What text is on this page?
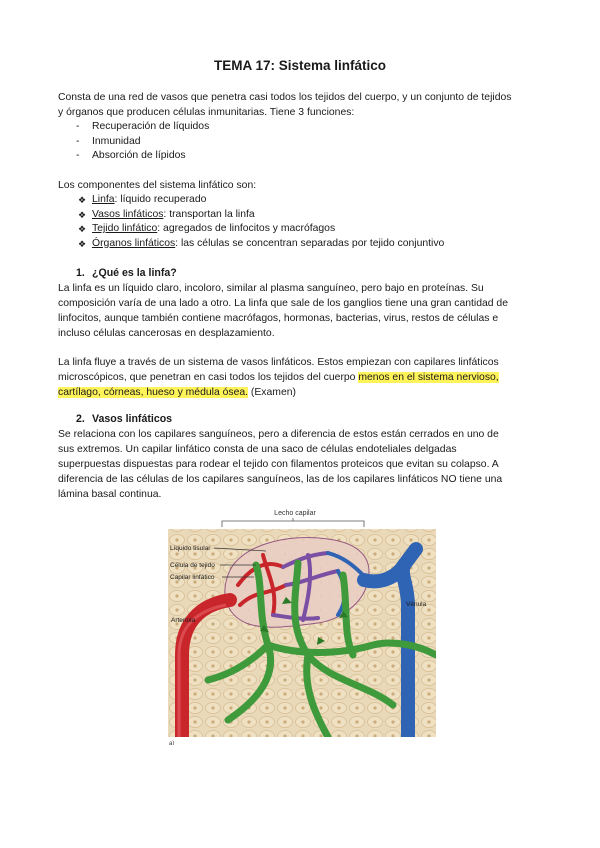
TEMA 17: Sistema linfático

Consta de una red de vasos que penetra casi todos los tejidos del cuerpo, y un conjunto de tejidos
y órganos que producen células inmunitarias. Tiene 3 funciones:

- Recuperación de líquidos
- Inmunidad
- Absorción de lípidos

Los componentes del sistema linfático son:

❖ Linfa: líquido recuperado
❖ Vasos linfáticos: transportan la linfa
❖ Tejido linfático: agregados de linfocitos y macrófagos
❖ Órganos linfáticos: las células se concentran separadas por tejido conjuntivo
1. ¿Qué es la linfa?

La linfa es un líquido claro, incoloro, similar al plasma sanguíneo, pero bajo en proteínas. Su
composición varía de una lado a otro. La linfa que sale de los ganglios tiene una gran cantidad de
linfocitos, aunque también contiene macrófagos, hormonas, bacterias, virus, restos de células e
incluso células cancerosas en desplazamiento.

La linfa fluye a través de un sistema de vasos linfáticos. Estos empiezan con capilares linfáticos
microscópicos, que penetran en casi todos los tejidos del cuerpo menos en el sistema nervioso,
cartílago, córneas, hueso y médula ósea. (Examen)

2. Vasos linfáticos

Se relaciona con los capilares sanguíneos, pero a diferencia de estos están cerrados en uno de
sus extremos. Un capilar linfático consta de una saco de células endoteliales delgadas
superpuestas dispuestas para rodear el tejido con filamentos proteicos que evitan su colapso. A
diferencia de las células de los capilares sanguíneos, las de los capilares linfáticos NO tiene una
lámina basal continua.

Lecho capilar
Líquido tisular
Célula de tejido
Capilar linfático
Arteriola
Vénula
a)
